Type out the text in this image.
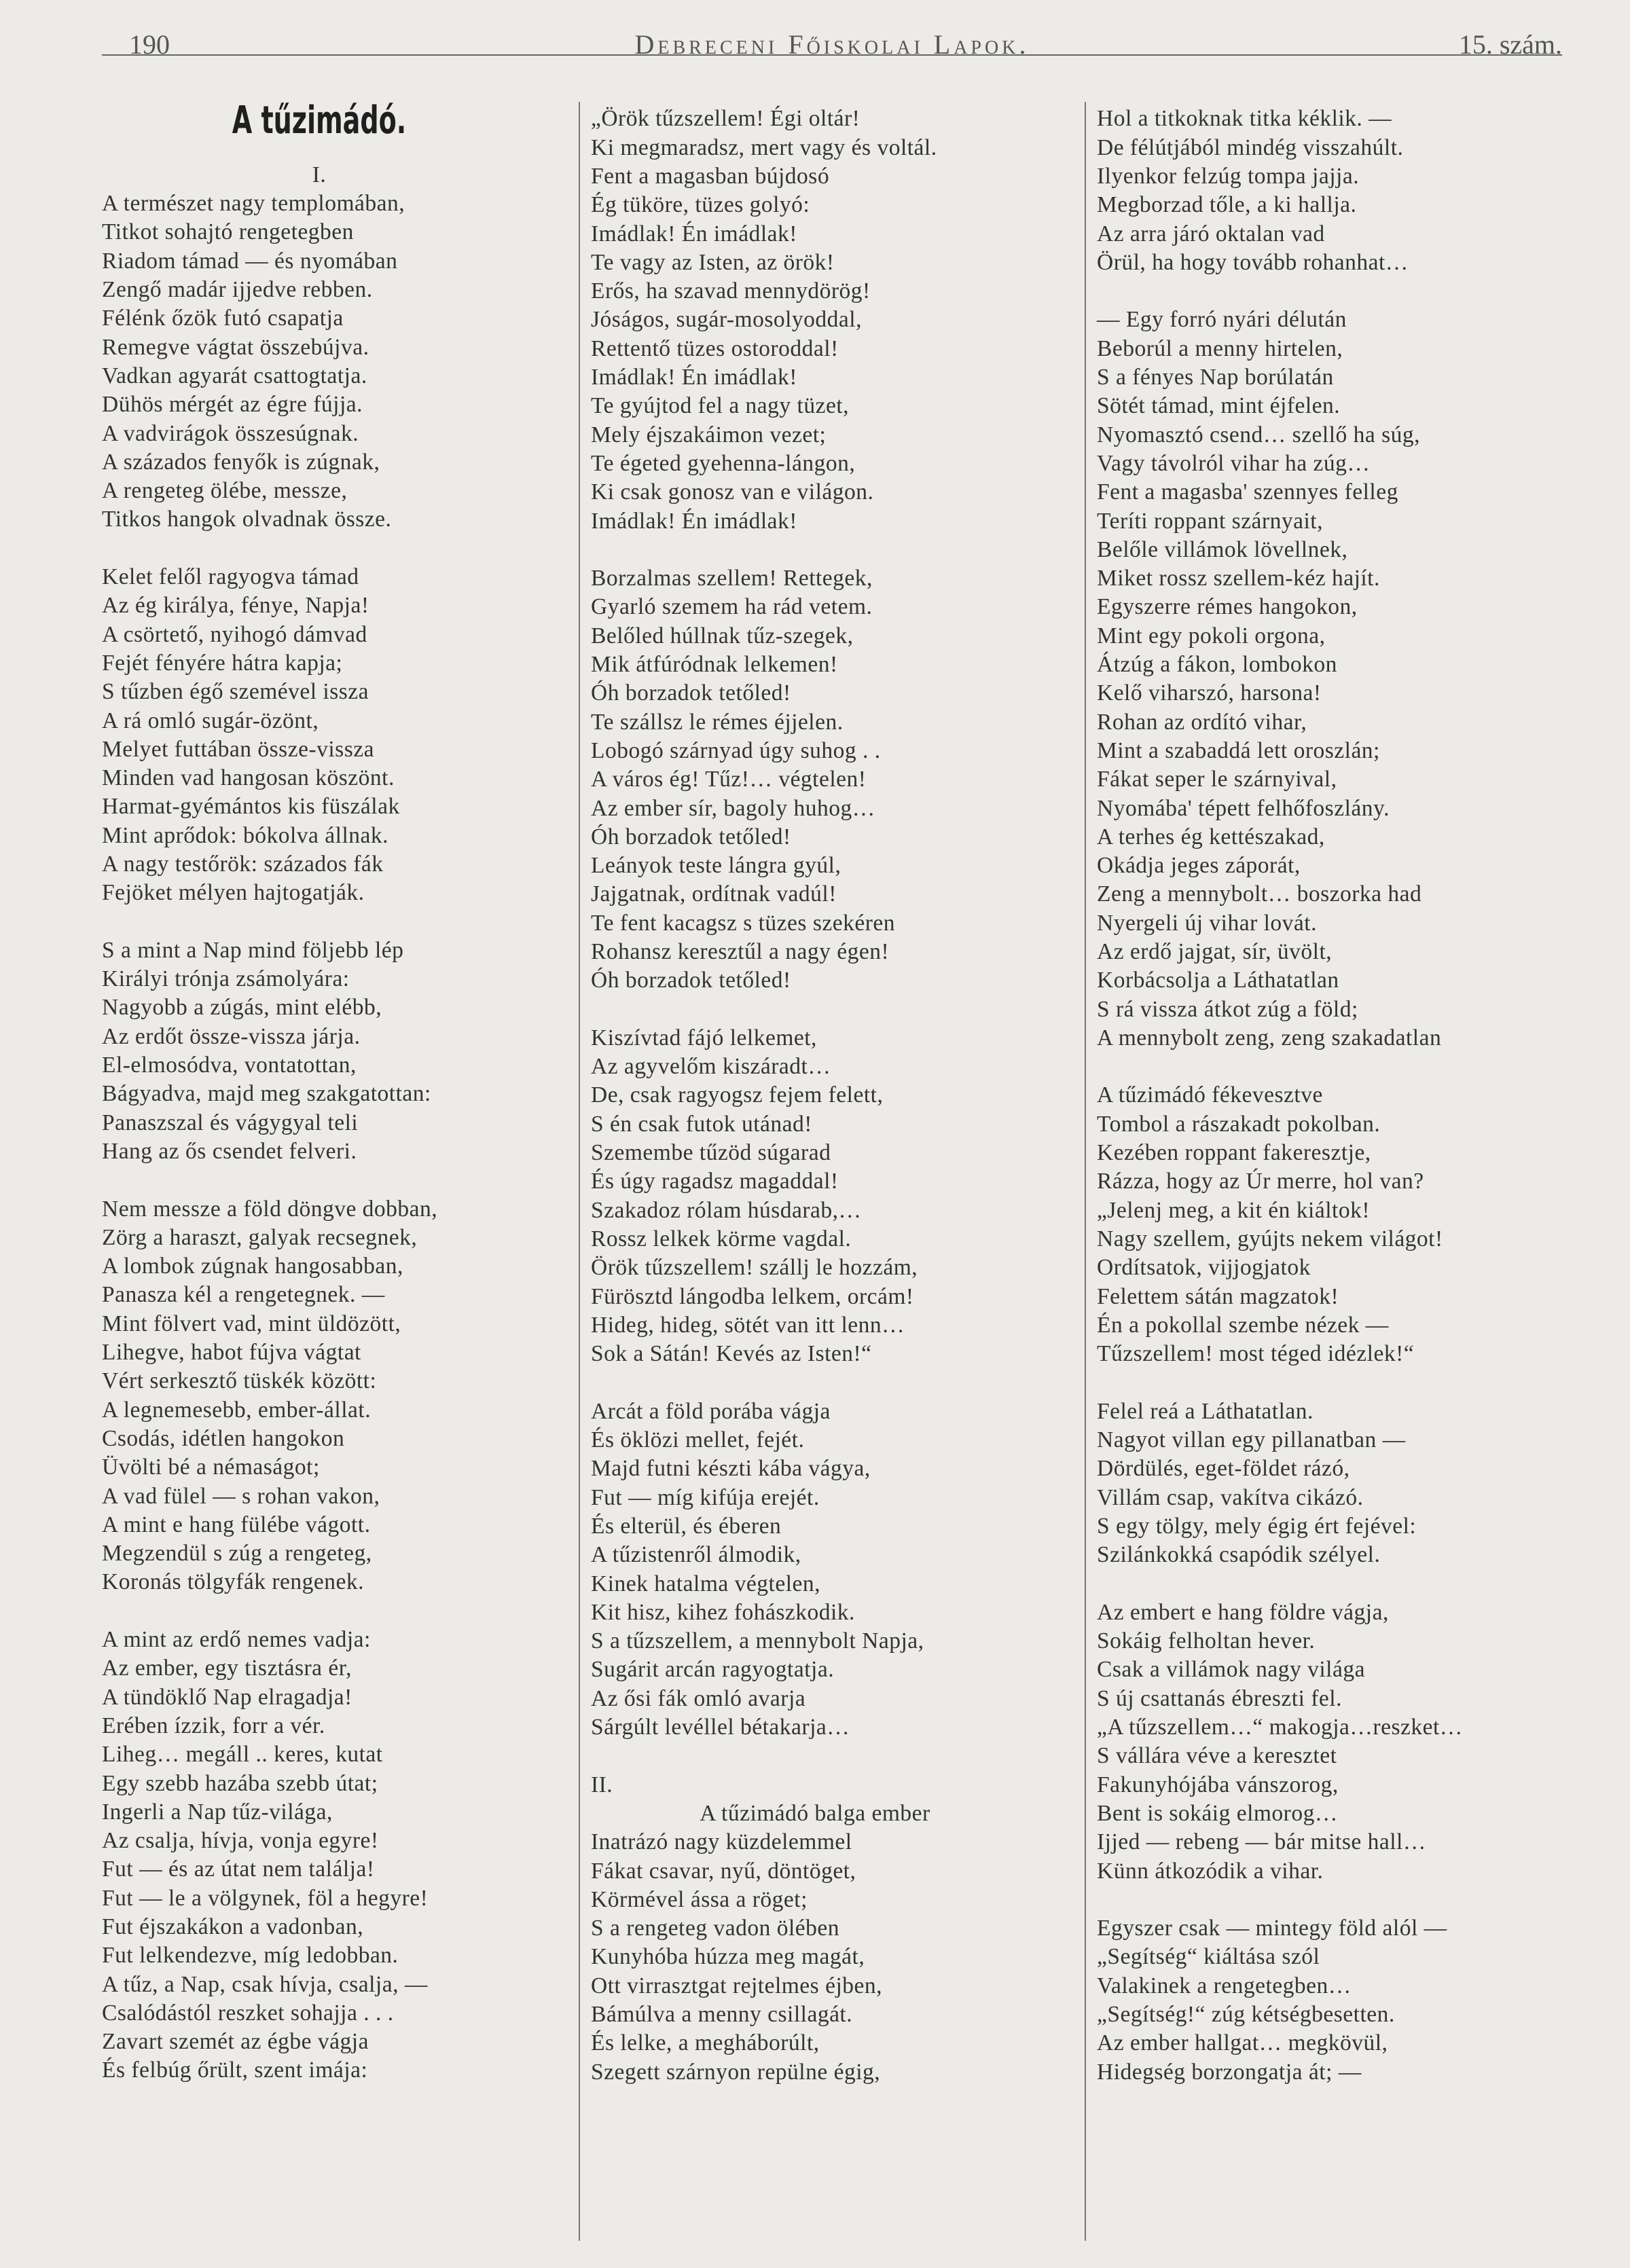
190	Debreceni Főiskolai Lapok.	15. szám.
A tűzimádó.
I.
A természet nagy templomában,
Titkot sohajtó rengetegben
Riadom támad — és nyomában
Zengő madár ijjedve rebben.
Félénk őzök futó csapatja
Remegve vágtat összebújva.
Vadkan agyarát csattogtatja.
Dühös mérgét az égre fújja.
A vadvirágok összesúgnak.
A százados fenyők is zúgnak,
A rengeteg ölébe, messze,
Titkos hangok olvadnak össze.

Kelet felől ragyogva támad
Az ég királya, fénye, Napja!
A csörtető, nyihogó dámvad
Fejét fényére hátra kapja;
S tűzben égő szemével issza
A rá omló sugár-özönt,
Melyet futtában össze-vissza
Minden vad hangosan köszönt.
Harmat-gyémántos kis füszálak
Mint aprődok: bókolva állnak.
A nagy testőrök: százados fák
Fejöket mélyen hajtogatják.

S a mint a Nap mind följebb lép
Királyi trónja zsámolyára:
Nagyobb a zúgás, mint elébb,
Az erdőt össze-vissza járja.
El-elmosódva, vontatottan,
Bágyadva, majd meg szakgatottan:
Panaszszal és vágygyal teli
Hang az ős csendet felveri.

Nem messze a föld döngve dobban,
Zörg a haraszt, galyak recsegnek,
A lombok zúgnak hangosabban,
Panasza kél a rengetegnek. —
Mint fölvert vad, mint üldözött,
Lihegve, habot fújva vágtat
Vért serkesztő tüskék között:
A legnemesebb, ember-állat.
Csodás, idétlen hangokon
Üvölti bé a némaságot;
A vad fülel — s rohan vakon,
A mint e hang fülébe vágott.
Megzendül s zúg a rengeteg,
Koronás tölgyfák rengenek.

A mint az erdő nemes vadja:
Az ember, egy tisztásra ér,
A tündöklő Nap elragadja!
Erében ízzik, forr a vér.
Liheg… megáll .. keres, kutat
Egy szebb hazába szebb útat;
Ingerli a Nap tűz-világa,
Az csalja, hívja, vonja egyre!
Fut — és az útat nem találja!
Fut — le a völgynek, föl a hegyre!
Fut éjszakákon a vadonban,
Fut lelkendezve, míg ledobban.
A tűz, a Nap, csak hívja, csalja, —
Csalódástól reszket sohajja . . .
Zavart szemét az égbe vágja
És felbúg őrült, szent imája:
„Örök tűzszellem! Égi oltár!
Ki megmaradsz, mert vagy és voltál.
Fent a magasban bújdosó
Ég tüköre, tüzes golyó:
Imádlak! Én imádlak!
Te vagy az Isten, az örök!
Erős, ha szavad mennydörög!
Jóságos, sugár-mosolyoddal,
Rettentő tüzes ostoroddal!
Imádlak! Én imádlak!
Te gyújtod fel a nagy tüzet,
Mely éjszakáimon vezet;
Te égeted gyehenna-lángon,
Ki csak gonosz van e világon.
Imádlak! Én imádlak!

Borzalmas szellem! Rettegek,
Gyarló szemem ha rád vetem.
Belőled húllnak tűz-szegek,
Mik átfúródnak lelkemen!
Óh borzadok tetőled!
Te szállsz le rémes éjjelen.
Lobogó szárnyad úgy suhog . .
A város ég! Tűz!… végtelen!
Az ember sír, bagoly huhog…
Óh borzadok tetőled!
Leányok teste lángra gyúl,
Jajgatnak, ordítnak vadúl!
Te fent kacagsz s tüzes szekéren
Rohansz keresztűl a nagy égen!
Óh borzadok tetőled!

Kiszívtad fájó lelkemet,
Az agyvelőm kiszáradt…
De, csak ragyogsz fejem felett,
S én csak futok utánad!
Szemembe tűzöd súgarad
És úgy ragadsz magaddal!
Szakadoz rólam húsdarab,…
Rossz lelkek körme vagdal.
Örök tűzszellem! szállj le hozzám,
Fürösztd lángodba lelkem, orcám!
Hideg, hideg, sötét van itt lenn…
Sok a Sátán! Kevés az Isten!“

Arcát a föld porába vágja
És öklözi mellet, fejét.
Majd futni készti kába vágya,
Fut — míg kifúja erejét.
És elterül, és éberen
A tűzistenről álmodik,
Kinek hatalma végtelen,
Kit hisz, kihez fohászkodik.
S a tűzszellem, a mennybolt Napja,
Sugárit arcán ragyogtatja.
Az ősi fák omló avarja
Sárgúlt levéllel bétakarja…

II.
A tűzimádó balga ember
Inatrázó nagy küzdelemmel
Fákat csavar, nyű, döntöget,
Körmével ássa a röget;
S a rengeteg vadon ölében
Kunyhóba húzza meg magát,
Ott virrasztgat rejtelmes éjben,
Bámúlva a menny csillagát.
És lelke, a megháborúlt,
Szegett szárnyon repülne égig,
Hol a titkoknak titka kéklik. —
De félútjából mindég visszahúlt.
Ilyenkor felzúg tompa jajja.
Megborzad tőle, a ki hallja.
Az arra járó oktalan vad
Örül, ha hogy tovább rohanhat…

— Egy forró nyári délután
Beborúl a menny hirtelen,
S a fényes Nap borúlatán
Sötét támad, mint éjfelen.
Nyomasztó csend… szellő ha súg,
Vagy távolról vihar ha zúg…
Fent a magasba' szennyes felleg
Teríti roppant szárnyait,
Belőle villámok lövellnek,
Miket rossz szellem-kéz hajít.
Egyszerre rémes hangokon,
Mint egy pokoli orgona,
Átzúg a fákon, lombokon
Kelő viharszó, harsona!
Rohan az ordító vihar,
Mint a szabaddá lett oroszlán;
Fákat seper le szárnyival,
Nyomába' tépett felhőfoszlány.
A terhes ég kettészakad,
Okádja jeges záporát,
Zeng a mennybolt… boszorka had
Nyergeli új vihar lovát.
Az erdő jajgat, sír, üvölt,
Korbácsolja a Láthatatlan
S rá vissza átkot zúg a föld;
A mennybolt zeng, zeng szakadatlan

A tűzimádó fékevesztve
Tombol a rászakadt pokolban.
Kezében roppant fakeresztje,
Rázza, hogy az Úr merre, hol van?
„Jelenj meg, a kit én kiáltok!
Nagy szellem, gyújts nekem világot!
Ordítsatok, vijjogjatok
Felettem sátán magzatok!
Én a pokollal szembe nézek —
Tűzszellem! most téged idézlek!“

Felel reá a Láthatatlan.
Nagyot villan egy pillanatban —
Dördülés, eget-földet rázó,
Villám csap, vakítva cikázó.
S egy tölgy, mely égig ért fejével:
Szilánkokká csapódik szélyel.

Az embert e hang földre vágja,
Sokáig felholtan hever.
Csak a villámok nagy világa
S új csattanás ébreszti fel.
„A tűzszellem…“ makogja…reszket…
S vállára véve a keresztet
Fakunyhójába vánszorog,
Bent is sokáig elmorog…
Ijjed — rebeng — bár mitse hall…
Künn átkozódik a vihar.

Egyszer csak — mintegy föld alól —
„Segítség“ kiáltása szól
Valakinek a rengetegben…
„Segítség!“ zúg kétségbesetten.
Az ember hallgat… megkövül,
Hidegség borzongatja át; —
